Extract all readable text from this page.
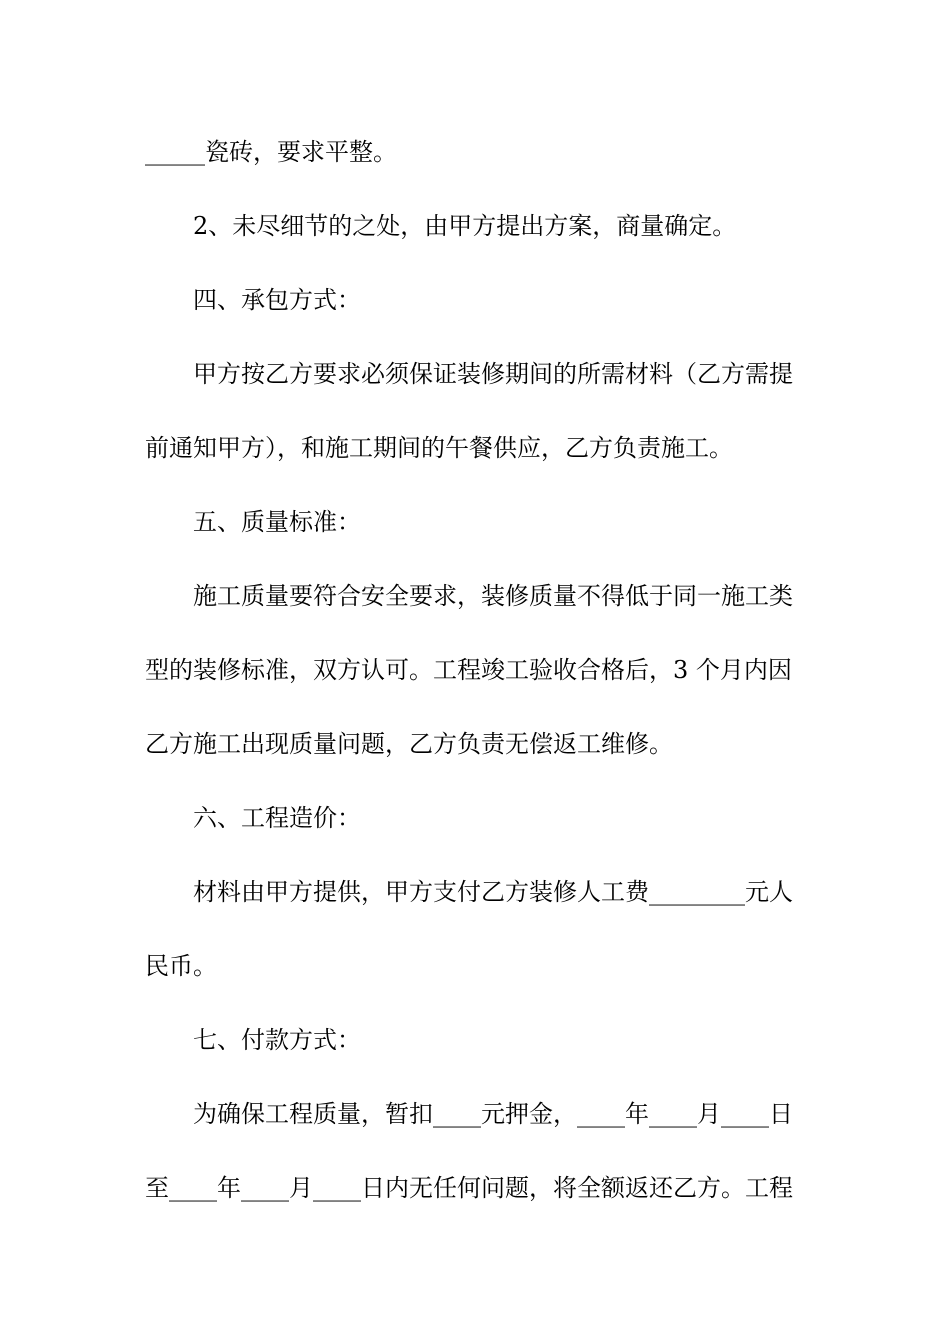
_____瓷砖，要求平整。
2、未尽细节的之处，由甲方提出方案，商量确定。
四、承包方式：
甲方按乙方要求必须保证装修期间的所需材料（乙方需提
前通知甲方），和施工期间的午餐供应，乙方负责施工。
五、质量标准：
施工质量要符合安全要求，装修质量不得低于同一施工类
型的装修标准，双方认可。工程竣工验收合格后，3 个月内因
乙方施工出现质量问题，乙方负责无偿返工维修。
六、工程造价：
材料由甲方提供，甲方支付乙方装修人工费________元人
民币。
七、付款方式：
为确保工程质量，暂扣____元押金，____年____月____日
至____年____月____日内无任何问题，将全额返还乙方。工程
